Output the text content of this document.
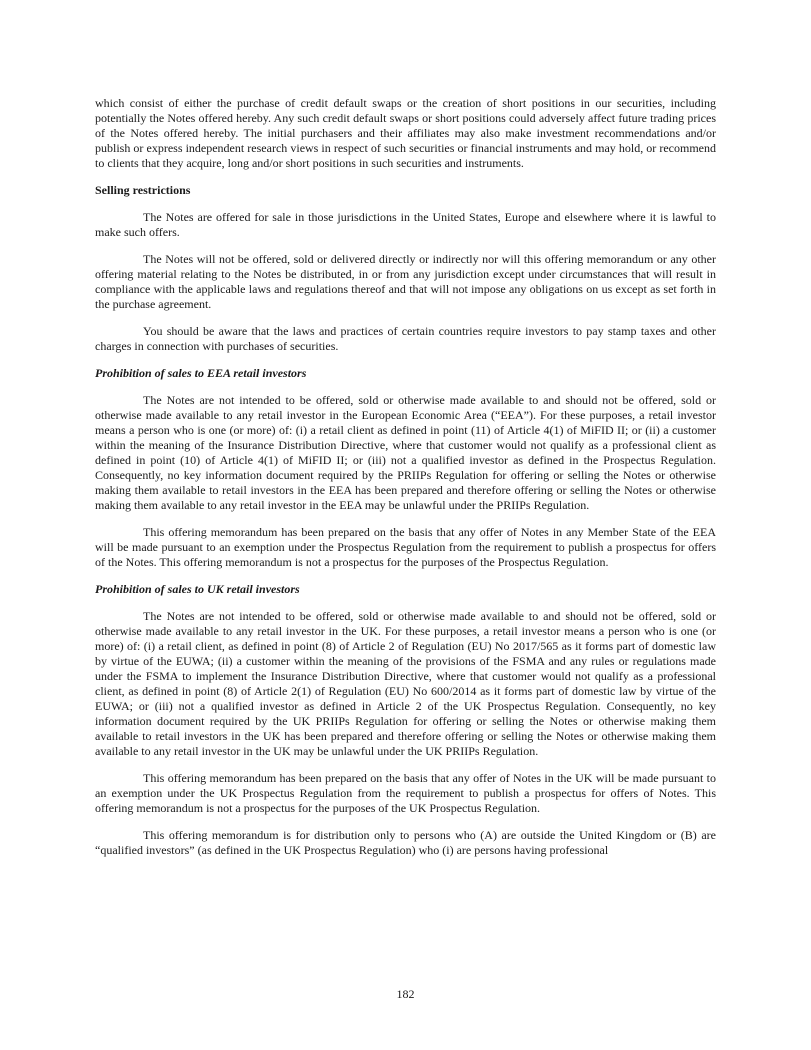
which consist of either the purchase of credit default swaps or the creation of short positions in our securities, including potentially the Notes offered hereby. Any such credit default swaps or short positions could adversely affect future trading prices of the Notes offered hereby. The initial purchasers and their affiliates may also make investment recommendations and/or publish or express independent research views in respect of such securities or financial instruments and may hold, or recommend to clients that they acquire, long and/or short positions in such securities and instruments.

Selling restrictions

The Notes are offered for sale in those jurisdictions in the United States, Europe and elsewhere where it is lawful to make such offers.

The Notes will not be offered, sold or delivered directly or indirectly nor will this offering memorandum or any other offering material relating to the Notes be distributed, in or from any jurisdiction except under circumstances that will result in compliance with the applicable laws and regulations thereof and that will not impose any obligations on us except as set forth in the purchase agreement.

You should be aware that the laws and practices of certain countries require investors to pay stamp taxes and other charges in connection with purchases of securities.

Prohibition of sales to EEA retail investors

The Notes are not intended to be offered, sold or otherwise made available to and should not be offered, sold or otherwise made available to any retail investor in the European Economic Area (“EEA”). For these purposes, a retail investor means a person who is one (or more) of: (i) a retail client as defined in point (11) of Article 4(1) of MiFID II; or (ii) a customer within the meaning of the Insurance Distribution Directive, where that customer would not qualify as a professional client as defined in point (10) of Article 4(1) of MiFID II; or (iii) not a qualified investor as defined in the Prospectus Regulation. Consequently, no key information document required by the PRIIPs Regulation for offering or selling the Notes or otherwise making them available to retail investors in the EEA has been prepared and therefore offering or selling the Notes or otherwise making them available to any retail investor in the EEA may be unlawful under the PRIIPs Regulation.

This offering memorandum has been prepared on the basis that any offer of Notes in any Member State of the EEA will be made pursuant to an exemption under the Prospectus Regulation from the requirement to publish a prospectus for offers of the Notes. This offering memorandum is not a prospectus for the purposes of the Prospectus Regulation.

Prohibition of sales to UK retail investors

The Notes are not intended to be offered, sold or otherwise made available to and should not be offered, sold or otherwise made available to any retail investor in the UK. For these purposes, a retail investor means a person who is one (or more) of: (i) a retail client, as defined in point (8) of Article 2 of Regulation (EU) No 2017/565 as it forms part of domestic law by virtue of the EUWA; (ii) a customer within the meaning of the provisions of the FSMA and any rules or regulations made under the FSMA to implement the Insurance Distribution Directive, where that customer would not qualify as a professional client, as defined in point (8) of Article 2(1) of Regulation (EU) No 600/2014 as it forms part of domestic law by virtue of the EUWA; or (iii) not a qualified investor as defined in Article 2 of the UK Prospectus Regulation. Consequently, no key information document required by the UK PRIIPs Regulation for offering or selling the Notes or otherwise making them available to retail investors in the UK has been prepared and therefore offering or selling the Notes or otherwise making them available to any retail investor in the UK may be unlawful under the UK PRIIPs Regulation.

This offering memorandum has been prepared on the basis that any offer of Notes in the UK will be made pursuant to an exemption under the UK Prospectus Regulation from the requirement to publish a prospectus for offers of Notes. This offering memorandum is not a prospectus for the purposes of the UK Prospectus Regulation.

This offering memorandum is for distribution only to persons who (A) are outside the United Kingdom or (B) are “qualified investors” (as defined in the UK Prospectus Regulation) who (i) are persons having professional

182
